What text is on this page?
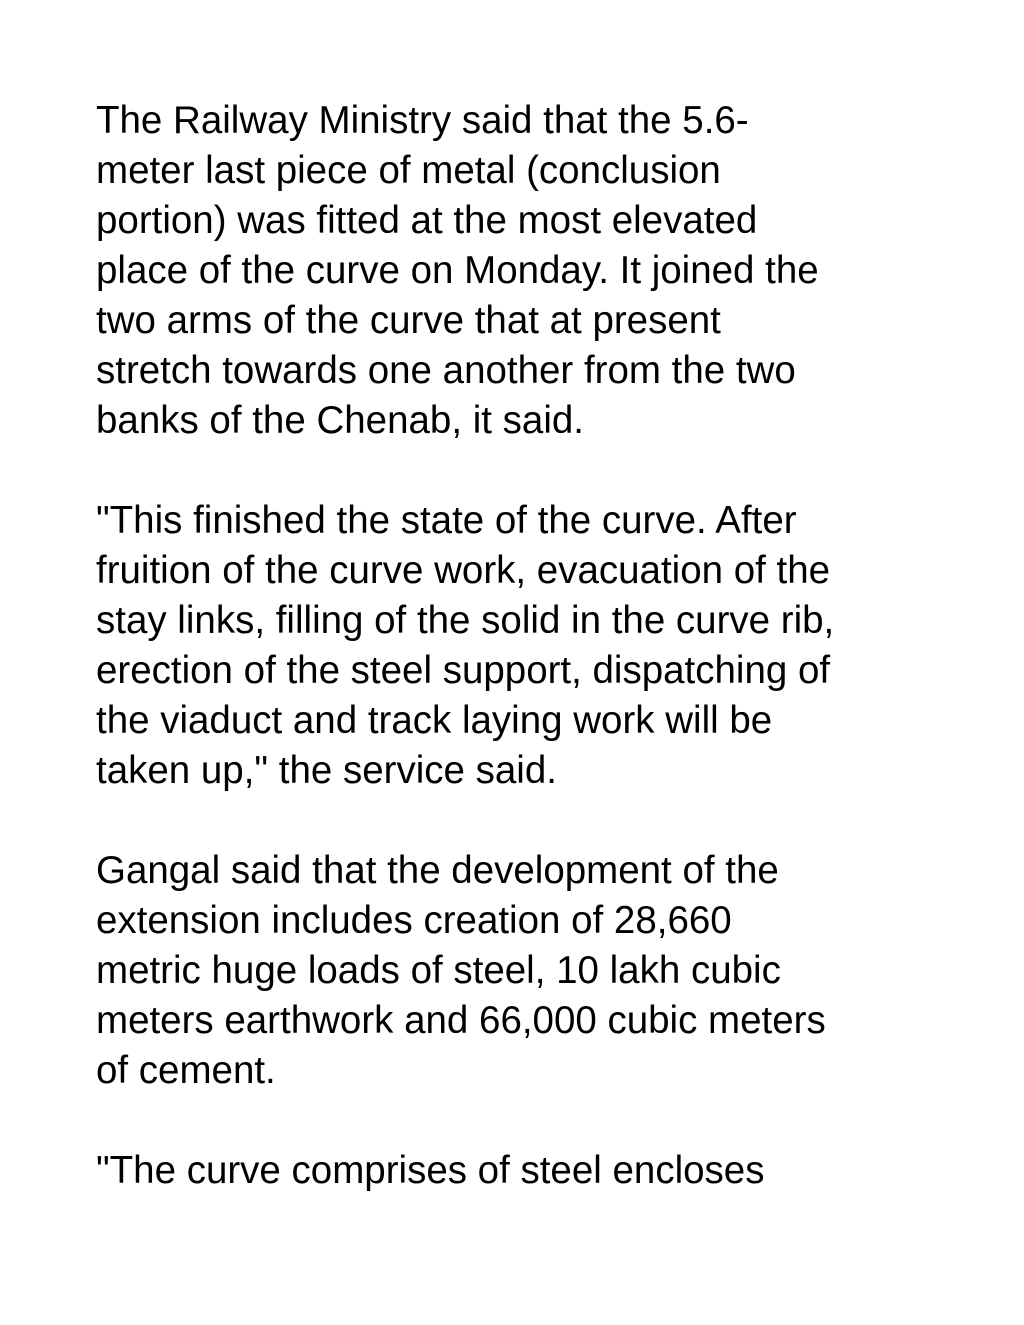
The Railway Ministry said that the 5.6-
meter last piece of metal (conclusion
portion) was fitted at the most elevated
place of the curve on Monday. It joined the
two arms of the curve that at present
stretch towards one another from the two
banks of the Chenab, it said.

"This finished the state of the curve. After
fruition of the curve work, evacuation of the
stay links, filling of the solid in the curve rib,
erection of the steel support, dispatching of
the viaduct and track laying work will be
taken up," the service said.

Gangal said that the development of the
extension includes creation of 28,660
metric huge loads of steel, 10 lakh cubic
meters earthwork and 66,000 cubic meters
of cement.

"The curve comprises of steel encloses
